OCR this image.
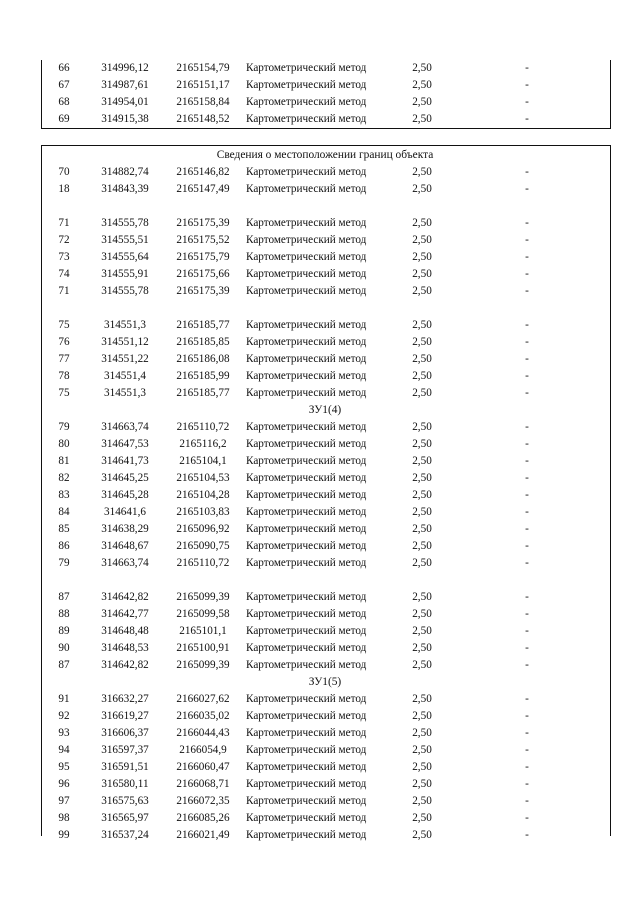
Сведения о местоположении границ объекта
66	314996,12	2165154,79	Картометрический метод	2,50	-
67	314987,61	2165151,17	Картометрический метод	2,50	-
68	314954,01	2165158,84	Картометрический метод	2,50	-
69	314915,38	2165148,52	Картометрический метод	2,50	-
70	314882,74	2165146,82	Картометрический метод	2,50	-
18	314843,39	2165147,49	Картометрический метод	2,50	-
71	314555,78	2165175,39	Картометрический метод	2,50	-
72	314555,51	2165175,52	Картометрический метод	2,50	-
73	314555,64	2165175,79	Картометрический метод	2,50	-
74	314555,91	2165175,66	Картометрический метод	2,50	-
71	314555,78	2165175,39	Картометрический метод	2,50	-
75	314551,3	2165185,77	Картометрический метод	2,50	-
76	314551,12	2165185,85	Картометрический метод	2,50	-
77	314551,22	2165186,08	Картометрический метод	2,50	-
78	314551,4	2165185,99	Картометрический метод	2,50	-
75	314551,3	2165185,77	Картометрический метод	2,50	-
ЗУ1(4)
79	314663,74	2165110,72	Картометрический метод	2,50	-
80	314647,53	2165116,2	Картометрический метод	2,50	-
81	314641,73	2165104,1	Картометрический метод	2,50	-
82	314645,25	2165104,53	Картометрический метод	2,50	-
83	314645,28	2165104,28	Картометрический метод	2,50	-
84	314641,6	2165103,83	Картометрический метод	2,50	-
85	314638,29	2165096,92	Картометрический метод	2,50	-
86	314648,67	2165090,75	Картометрический метод	2,50	-
79	314663,74	2165110,72	Картометрический метод	2,50	-
87	314642,82	2165099,39	Картометрический метод	2,50	-
88	314642,77	2165099,58	Картометрический метод	2,50	-
89	314648,48	2165101,1	Картометрический метод	2,50	-
90	314648,53	2165100,91	Картометрический метод	2,50	-
87	314642,82	2165099,39	Картометрический метод	2,50	-
ЗУ1(5)
91	316632,27	2166027,62	Картометрический метод	2,50	-
92	316619,27	2166035,02	Картометрический метод	2,50	-
93	316606,37	2166044,43	Картометрический метод	2,50	-
94	316597,37	2166054,9	Картометрический метод	2,50	-
95	316591,51	2166060,47	Картометрический метод	2,50	-
96	316580,11	2166068,71	Картометрический метод	2,50	-
97	316575,63	2166072,35	Картометрический метод	2,50	-
98	316565,97	2166085,26	Картометрический метод	2,50	-
99	316537,24	2166021,49	Картометрический метод	2,50	-
